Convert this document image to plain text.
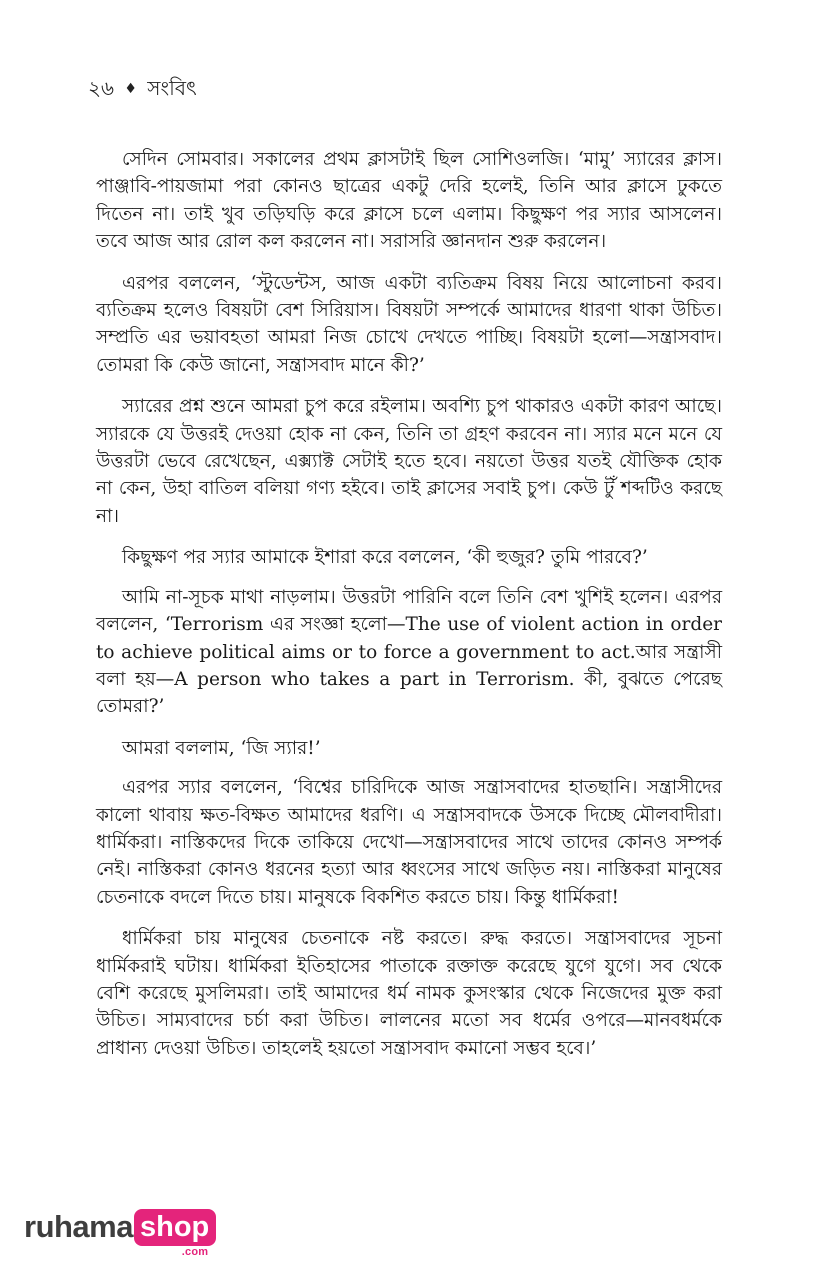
২৬ ♦ সংবিৎ

সেদিন সোমবার। সকালের প্রথম ক্লাসটাই ছিল সোশিওলজি। ‘মামু’ স্যারের ক্লাস। পাঞ্জাবি-পায়জামা পরা কোনও ছাত্রের একটু দেরি হলেই, তিনি আর ক্লাসে ঢুকতে দিতেন না। তাই খুব তড়িঘড়ি করে ক্লাসে চলে এলাম। কিছুক্ষণ পর স্যার আসলেন। তবে আজ আর রোল কল করলেন না। সরাসরি জ্ঞানদান শুরু করলেন।

এরপর বললেন, ‘স্টুডেন্টস, আজ একটা ব্যতিক্রম বিষয় নিয়ে আলোচনা করব। ব্যতিক্রম হলেও বিষয়টা বেশ সিরিয়াস। বিষয়টা সম্পর্কে আমাদের ধারণা থাকা উচিত। সম্প্রতি এর ভয়াবহতা আমরা নিজ চোখে দেখতে পাচ্ছি। বিষয়টা হলো—সন্ত্রাসবাদ। তোমরা কি কেউ জানো, সন্ত্রাসবাদ মানে কী?’

স্যারের প্রশ্ন শুনে আমরা চুপ করে রইলাম। অবশ্যি চুপ থাকারও একটা কারণ আছে। স্যারকে যে উত্তরই দেওয়া হোক না কেন, তিনি তা গ্রহণ করবেন না। স্যার মনে মনে যে উত্তরটা ভেবে রেখেছেন, এক্স্যাক্ট সেটাই হতে হবে। নয়তো উত্তর যতই যৌক্তিক হোক না কেন, উহা বাতিল বলিয়া গণ্য হইবে। তাই ক্লাসের সবাই চুপ। কেউ টুঁ শব্দটিও করছে না।

কিছুক্ষণ পর স্যার আমাকে ইশারা করে বললেন, ‘কী হুজুর? তুমি পারবে?’

আমি না-সূচক মাথা নাড়লাম। উত্তরটা পারিনি বলে তিনি বেশ খুশিই হলেন। এরপর বললেন, ‘Terrorism এর সংজ্ঞা হলো—The use of violent action in order to achieve political aims or to force a government to act.আর সন্ত্রাসী বলা হয়—A person who takes a part in Terrorism. কী, বুঝতে পেরেছ তোমরা?’

আমরা বললাম, ‘জি স্যার!’

এরপর স্যার বললেন, ‘বিশ্বের চারিদিকে আজ সন্ত্রাসবাদের হাতছানি। সন্ত্রাসীদের কালো থাবায় ক্ষত-বিক্ষত আমাদের ধরণি। এ সন্ত্রাসবাদকে উসকে দিচ্ছে মৌলবাদীরা। ধার্মিকরা। নাস্তিকদের দিকে তাকিয়ে দেখো—সন্ত্রাসবাদের সাথে তাদের কোনও সম্পর্ক নেই। নাস্তিকরা কোনও ধরনের হত্যা আর ধ্বংসের সাথে জড়িত নয়। নাস্তিকরা মানুষের চেতনাকে বদলে দিতে চায়। মানুষকে বিকশিত করতে চায়। কিন্তু ধার্মিকরা!

ধার্মিকরা চায় মানুষের চেতনাকে নষ্ট করতে। রুদ্ধ করতে। সন্ত্রাসবাদের সূচনা ধার্মিকরাই ঘটায়। ধার্মিকরা ইতিহাসের পাতাকে রক্তাক্ত করেছে যুগে যুগে। সব থেকে বেশি করেছে মুসলিমরা। তাই আমাদের ধর্ম নামক কুসংস্কার থেকে নিজেদের মুক্ত করা উচিত। সাম্যবাদের চর্চা করা উচিত। লালনের মতো সব ধর্মের ওপরে—মানবধর্মকে প্রাধান্য দেওয়া উচিত। তাহলেই হয়তো সন্ত্রাসবাদ কমানো সম্ভব হবে।’

ruhama shop
.com
